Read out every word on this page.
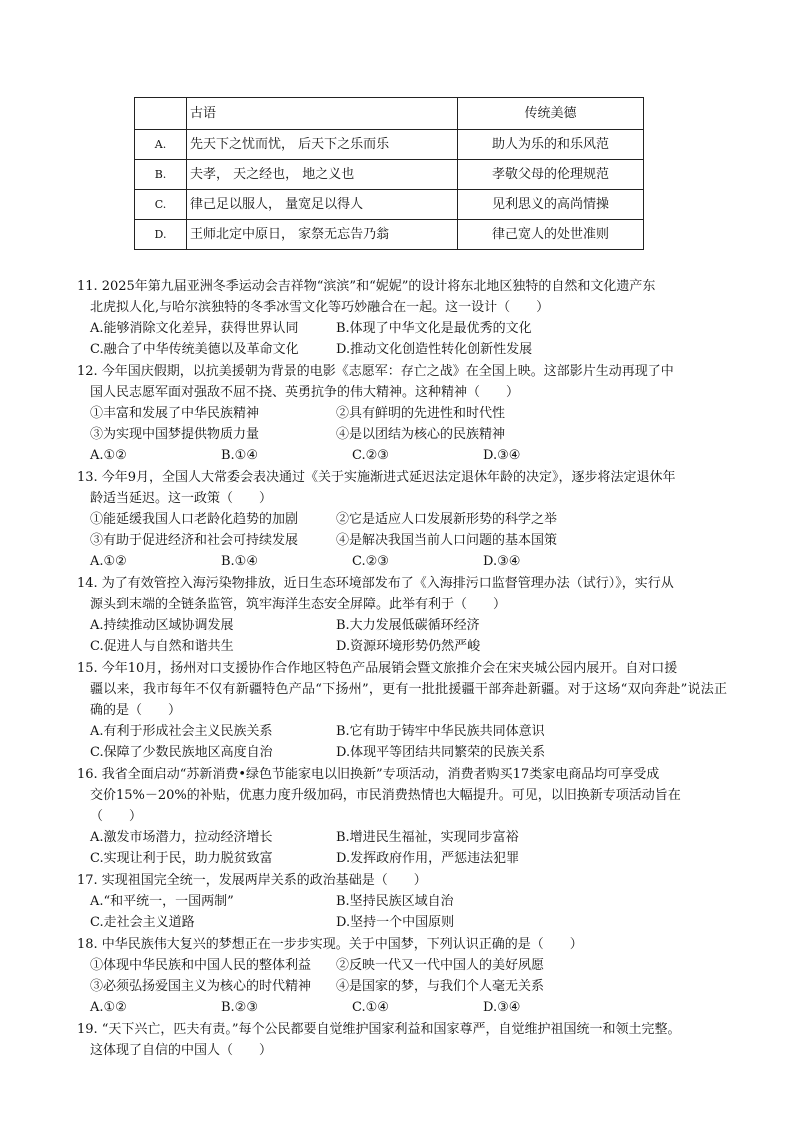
	古语	传统美德
A.	先天下之忧而忧， 后天下之乐而乐	助人为乐的和乐风范
B.	夫孝， 天之经也， 地之义也	孝敬父母的伦理规范
C.	律己足以服人， 量宽足以得人	见利思义的高尚情操
D.	王师北定中原日， 家祭无忘告乃翁	律己宽人的处世准则
11. 2025年第九届亚洲冬季运动会吉祥物“滨滨”和“妮妮”的设计将东北地区独特的自然和文化遗产东
北虎拟人化,与哈尔滨独特的冬季冰雪文化等巧妙融合在一起。这一设计（　　）
A.能够消除文化差异，获得世界认同	B.体现了中华文化是最优秀的文化
C.融合了中华传统美德以及革命文化	D.推动文化创造性转化创新性发展
12. 今年国庆假期，以抗美援朝为背景的电影《志愿军：存亡之战》在全国上映。这部影片生动再现了中
国人民志愿军面对强敌不屈不挠、英勇抗争的伟大精神。这种精神（　　）
①丰富和发展了中华民族精神	②具有鲜明的先进性和时代性
③为实现中国梦提供物质力量	④是以团结为核心的民族精神
A.①②	B.①④	C.②③	D.③④
13. 今年9月，全国人大常委会表决通过《关于实施渐进式延迟法定退休年龄的决定》，逐步将法定退休年
龄适当延迟。这一政策（　　）
①能延缓我国人口老龄化趋势的加剧	②它是适应人口发展新形势的科学之举
③有助于促进经济和社会可持续发展	④是解决我国当前人口问题的基本国策
A.①②	B.①④	C.②③	D.③④
14. 为了有效管控入海污染物排放，近日生态环境部发布了《入海排污口监督管理办法（试行）》，实行从
源头到末端的全链条监管，筑牢海洋生态安全屏障。此举有利于（　　）
A.持续推动区域协调发展	B.大力发展低碳循环经济
C.促进人与自然和谐共生	D.资源环境形势仍然严峻
15. 今年10月，扬州对口支援协作合作地区特色产品展销会暨文旅推介会在宋夹城公园内展开。自对口援
疆以来，我市每年不仅有新疆特色产品“下扬州”，更有一批批援疆干部奔赴新疆。对于这场“双向奔赴”说法正确的是（　　）
A.有利于形成社会主义民族关系	B.它有助于铸牢中华民族共同体意识
C.保障了少数民族地区高度自治	D.体现平等团结共同繁荣的民族关系
16. 我省全面启动“苏新消费•绿色节能家电以旧换新”专项活动，消费者购买17类家电商品均可享受成
交价15%－20%的补贴，优惠力度升级加码，市民消费热情也大幅提升。可见，以旧换新专项活动旨在
（　　）
A.激发市场潜力，拉动经济增长	B.增进民生福祉，实现同步富裕
C.实现让利于民，助力脱贫致富	D.发挥政府作用，严惩违法犯罪
17. 实现祖国完全统一，发展两岸关系的政治基础是（　　）
A.“和平统一，一国两制”	B.坚持民族区域自治
C.走社会主义道路	D.坚持一个中国原则
18. 中华民族伟大复兴的梦想正在一步步实现。关于中国梦，下列认识正确的是（　　）
①体现中华民族和中国人民的整体利益	②反映一代又一代中国人的美好夙愿
③必须弘扬爱国主义为核心的时代精神	④是国家的梦，与我们个人毫无关系
A.①②	B.②③	C.①④	D.③④
19. “天下兴亡，匹夫有责。”每个公民都要自觉维护国家利益和国家尊严，自觉维护祖国统一和领土完整。
这体现了自信的中国人（　　）
